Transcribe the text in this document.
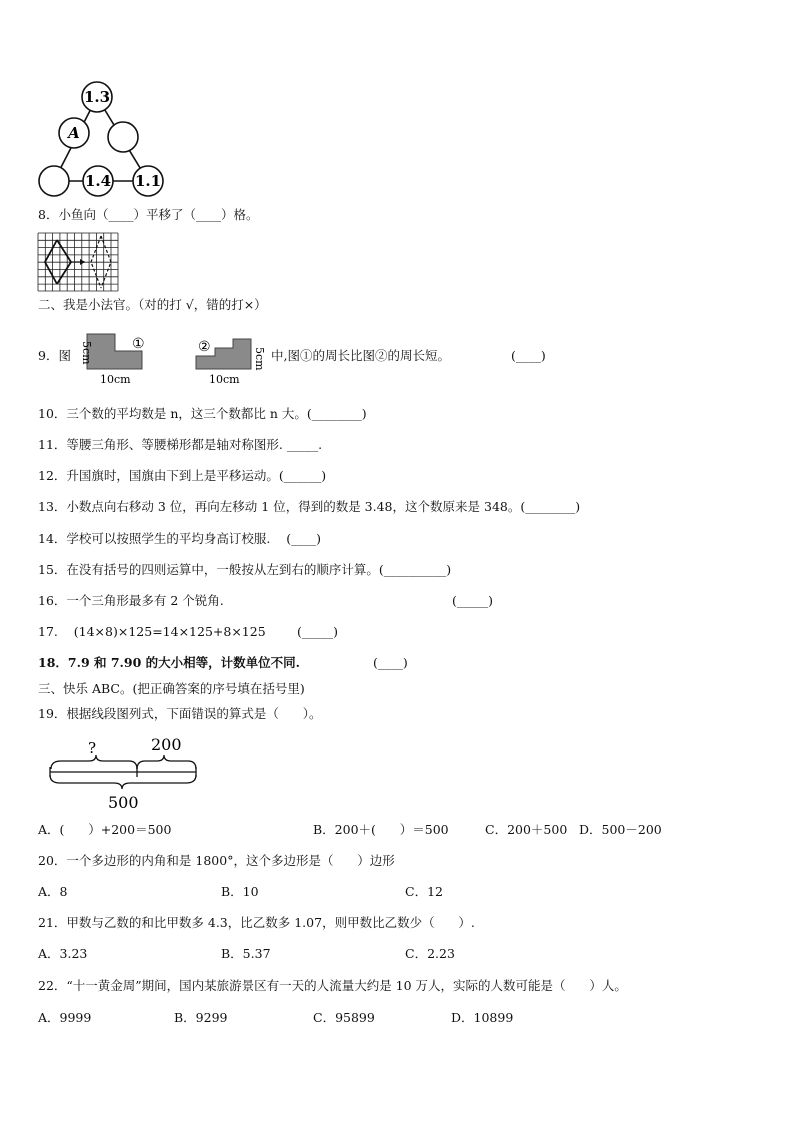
1.3
A
1.4 1.1
8．小鱼向（____）平移了（____）格。
二、我是小法官。（对的打 √，错的打×）
9．图 5cm	①
10cm
②	5cm
10cm
中,图①的周长比图②的周长短。	(____)
10．三个数的平均数是 n，这三个数都比 n 大。(________)
11．等腰三角形、等腰梯形都是轴对称图形. _____.
12．升国旗时，国旗由下到上是平移运动。(______)
13．小数点向右移动 3 位，再向左移动 1 位，得到的数是 3.48，这个数原来是 348。(________)
14．学校可以按照学生的平均身高订校服.    (____)
15．在没有括号的四则运算中，一般按从左到右的顺序计算。(__________)
16．一个三角形最多有 2 个锐角.	(_____)
17.    (14×8)×125=14×125+8×125	(_____)
18．7.9 和 7.90 的大小相等，计数单位不同.	(____)
三、快乐 ABC。(把正确答案的序号填在括号里)
19．根据线段图列式，下面错误的算式是（      ）。
?	200
500
A．(      ）+200＝500	B．200＋(      ）＝500	C．200＋500 D．500－200
20．一个多边形的内角和是 1800°，这个多边形是（      ）边形
A．8	B．10	C．12
21．甲数与乙数的和比甲数多 4.3，比乙数多 1.07，则甲数比乙数少（      ）.
A．3.23	B．5.37	C．2.23
22．“十一黄金周”期间，国内某旅游景区有一天的人流量大约是 10 万人，实际的人数可能是（      ）人。
A．9999	B．9299	C．95899	D．10899
